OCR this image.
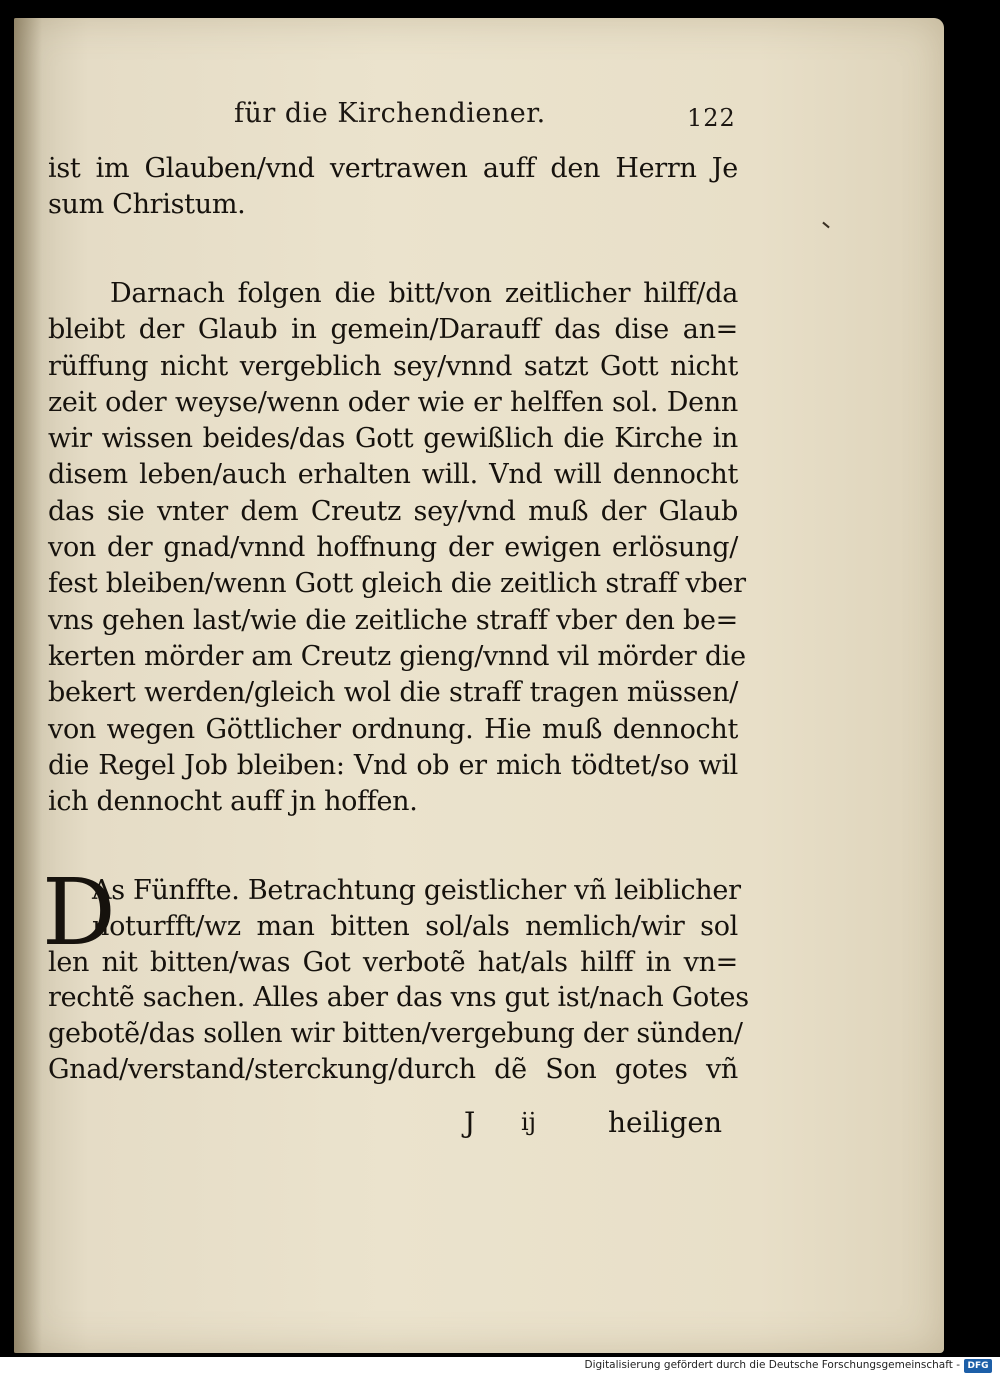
für die Kirchendiener.	122
ist im Glauben/vnd vertrawen auff den Herrn Je
sum Christum.
Darnach folgen die bitt/von zeitlicher hilff/da
bleibt der Glaub in gemein/Darauff das dise an=
rüffung nicht vergeblich sey/vnnd satzt Gott nicht
zeit oder weyse/wenn oder wie er helffen sol. Denn
wir wissen beides/das Gott gewißlich die Kirche in
disem leben/auch erhalten will. Vnd will dennocht
das sie vnter dem Creutz sey/vnd muß der Glaub
von der gnad/vnnd hoffnung der ewigen erlösung/
fest bleiben/wenn Gott gleich die zeitlich straff vber
vns gehen last/wie die zeitliche straff vber den be=
kerten mörder am Creutz gieng/vnnd vil mörder die
bekert werden/gleich wol die straff tragen müssen/
von wegen Göttlicher ordnung. Hie muß dennocht
die Regel Job bleiben: Vnd ob er mich tödtet/so wil
ich dennocht auff jn hoffen.
D
As Fünffte. Betrachtung geistlicher vñ leiblicher
noturfft/wz man bitten sol/als nemlich/wir sol
len nit bitten/was Got verbotẽ hat/als hilff in vn=
rechtẽ sachen. Alles aber das vns gut ist/nach Gotes
gebotẽ/das sollen wir bitten/vergebung der sünden/
Gnad/verstand/sterckung/durch dẽ Son gotes vñ
J ij	heiligen
Digitalisierung gefördert durch die Deutsche Forschungsgemeinschaft - DFG
